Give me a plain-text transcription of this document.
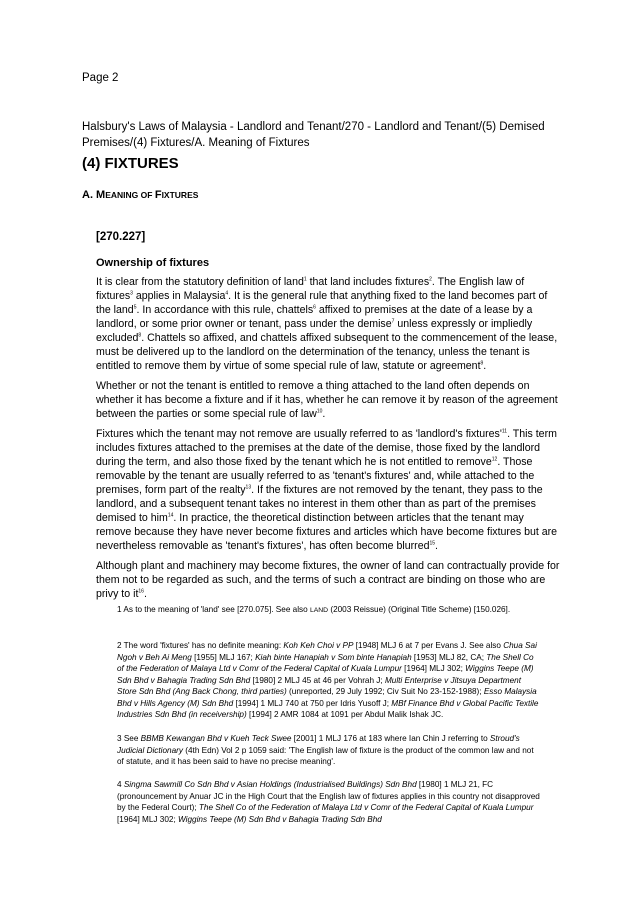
Page 2
Halsbury's Laws of Malaysia - Landlord and Tenant/270 - Landlord and Tenant/(5) Demised Premises/(4) Fixtures/A. Meaning of Fixtures
(4) FIXTURES
A. MEANING OF FIXTURES
[270.227]
Ownership of fixtures

It is clear from the statutory definition of land$^1$ that land includes fixtures$^2$. The English law of fixtures$^3$ applies in Malaysia$^4$. It is the general rule that anything fixed to the land becomes part of the land$^5$. In accordance with this rule, chattels$^6$ affixed to premises at the date of a lease by a landlord, or some prior owner or tenant, pass under the demise$^7$ unless expressly or impliedly excluded$^8$. Chattels so affixed, and chattels affixed subsequent to the commencement of the lease, must be delivered up to the landlord on the determination of the tenancy, unless the tenant is entitled to remove them by virtue of some special rule of law, statute or agreement$^9$.

Whether or not the tenant is entitled to remove a thing attached to the land often depends on whether it has become a fixture and if it has, whether he can remove it by reason of the agreement between the parties or some special rule of law$^{10}$.

Fixtures which the tenant may not remove are usually referred to as 'landlord's $fixtures'^{11}$. This term includes fixtures attached to the premises at the date of the demise, those fixed by the landlord during the term, and also those fixed by the tenant which he is not entitled to remove$^{12}$. Those removable by the tenant are usually referred to as 'tenant's fixtures' and, while attached to the premises, form part of the realty$^{13}$. If the fixtures are not removed by the tenant, they pass to the landlord, and a subsequent tenant takes no interest in them other than as part of the premises demised to him$^{14}$. In practice, the theoretical distinction between articles that the tenant may remove because they have never become fixtures and articles which have become fixtures but are nevertheless removable as 'tenant's fixtures', has often become blurred$^{15}$.

Although plant and machinery may become fixtures, the owner of land can contractually provide for them not to be regarded as such, and the terms of such a contract are binding on those who are privy to $it^{16}$.

1 As to the meaning of 'land' see [270.075]. See also LAND (2003 Reissue) (Original Title Scheme) [150.026].
2 The word 'fixtures' has no definite meaning: Koh Keh Choi v PP [1948] MLJ 6 at 7 per Evans J. See also Chua Sai Ngoh v Beh Ai Meng [1955] MLJ 167; Kiah binte Hanapiah v Som binte Hanapiah [1953] MLJ 82, CA; The Shell Co of the Federation of Malaya Ltd v Comr of the Federal Capital of Kuala Lumpur [1964] MLJ 302; Wiggins Teepe (M) Sdn Bhd v Bahagia Trading Sdn Bhd [1980] 2 MLJ 45 at 46 per Vohrah J; Multi Enterprise v Jitsuya Department Store Sdn Bhd (Ang Back Chong, third parties) (unreported, 29 July 1992; Civ Suit No 23-152-1988); Esso Malaysia Bhd v Hills Agency (M) Sdn Bhd [1994] 1 MLJ 740 at 750 per Idris Yusoff J; MBf Finance Bhd v Global Pacific Textile Industries Sdn Bhd (in receivership) [1994] 2 AMR 1084 at 1091 per Abdul Malik Ishak JC.
3 See BBMB Kewangan Bhd v Kueh Teck Swee [2001] 1 MLJ 176 at 183 where Ian Chin J referring to Stroud's Judicial Dictionary (4th Edn) Vol 2 p 1059 said: 'The English law of fixture is the product of the common law and not of statute, and it has been said to have no precise meaning'.
4 Singma Sawmill Co Sdn Bhd v Asian Holdings (Industrialised Buildings) Sdn Bhd [1980] 1 MLJ 21, FC (pronouncement by Anuar JC in the High Court that the English law of fixtures applies in this country not disapproved by the Federal Court); The Shell Co of the Federation of Malaya Ltd v Comr of the Federal Capital of Kuala Lumpur [1964] MLJ 302; Wiggins Teepe (M) Sdn Bhd v Bahagia Trading Sdn Bhd
